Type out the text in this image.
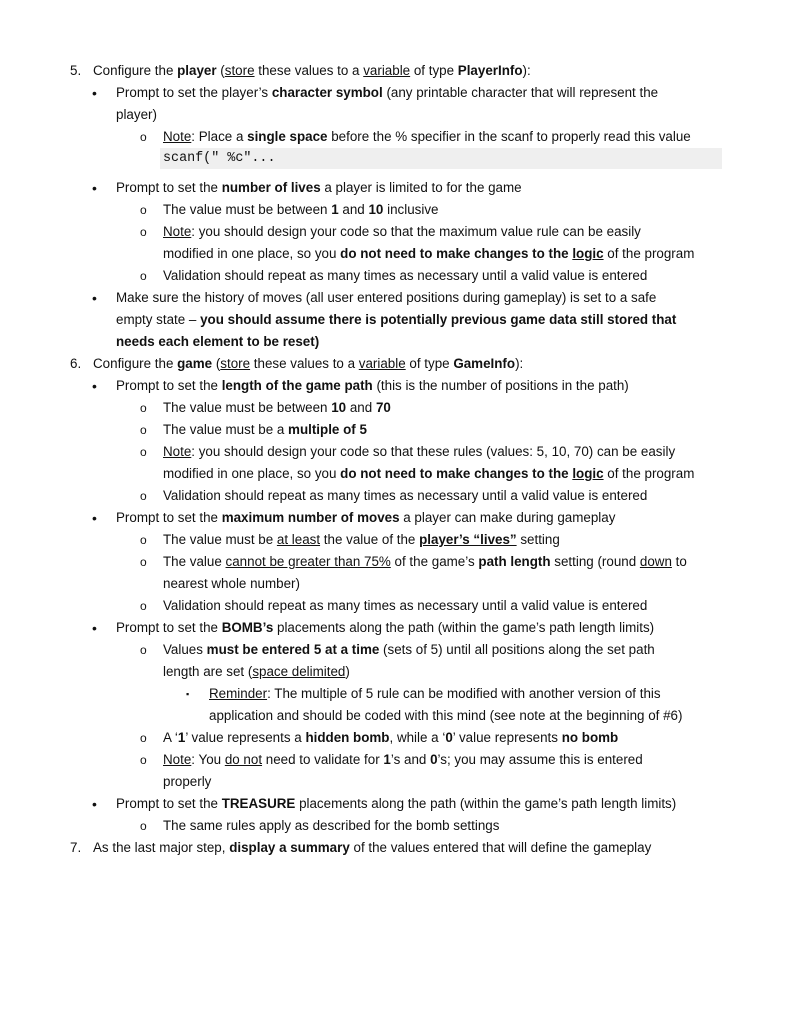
5. Configure the player (store these values to a variable of type PlayerInfo):
• Prompt to set the player’s character symbol (any printable character that will represent the
player)
o Note: Place a single space before the % specifier in the scanf to properly read this value
scanf(" %c"...
• Prompt to set the number of lives a player is limited to for the game
o The value must be between 1 and 10 inclusive
o Note: you should design your code so that the maximum value rule can be easily
modified in one place, so you do not need to make changes to the logic of the program
o Validation should repeat as many times as necessary until a valid value is entered
• Make sure the history of moves (all user entered positions during gameplay) is set to a safe
empty state – you should assume there is potentially previous game data still stored that
needs each element to be reset)
6. Configure the game (store these values to a variable of type GameInfo):
• Prompt to set the length of the game path (this is the number of positions in the path)
o The value must be between 10 and 70
o The value must be a multiple of 5
o Note: you should design your code so that these rules (values: 5, 10, 70) can be easily
modified in one place, so you do not need to make changes to the logic of the program
o Validation should repeat as many times as necessary until a valid value is entered
• Prompt to set the maximum number of moves a player can make during gameplay
o The value must be at least the value of the player’s “lives” setting
o The value cannot be greater than 75% of the game’s path length setting (round down to
nearest whole number)
o Validation should repeat as many times as necessary until a valid value is entered
• Prompt to set the BOMB’s placements along the path (within the game’s path length limits)
o Values must be entered 5 at a time (sets of 5) until all positions along the set path
length are set (space delimited)
▪ Reminder: The multiple of 5 rule can be modified with another version of this
application and should be coded with this mind (see note at the beginning of #6)
o A ‘1’ value represents a hidden bomb, while a ‘0’ value represents no bomb
o Note: You do not need to validate for 1’s and 0’s; you may assume this is entered
properly
• Prompt to set the TREASURE placements along the path (within the game’s path length limits)
o The same rules apply as described for the bomb settings
7. As the last major step, display a summary of the values entered that will define the gameplay
